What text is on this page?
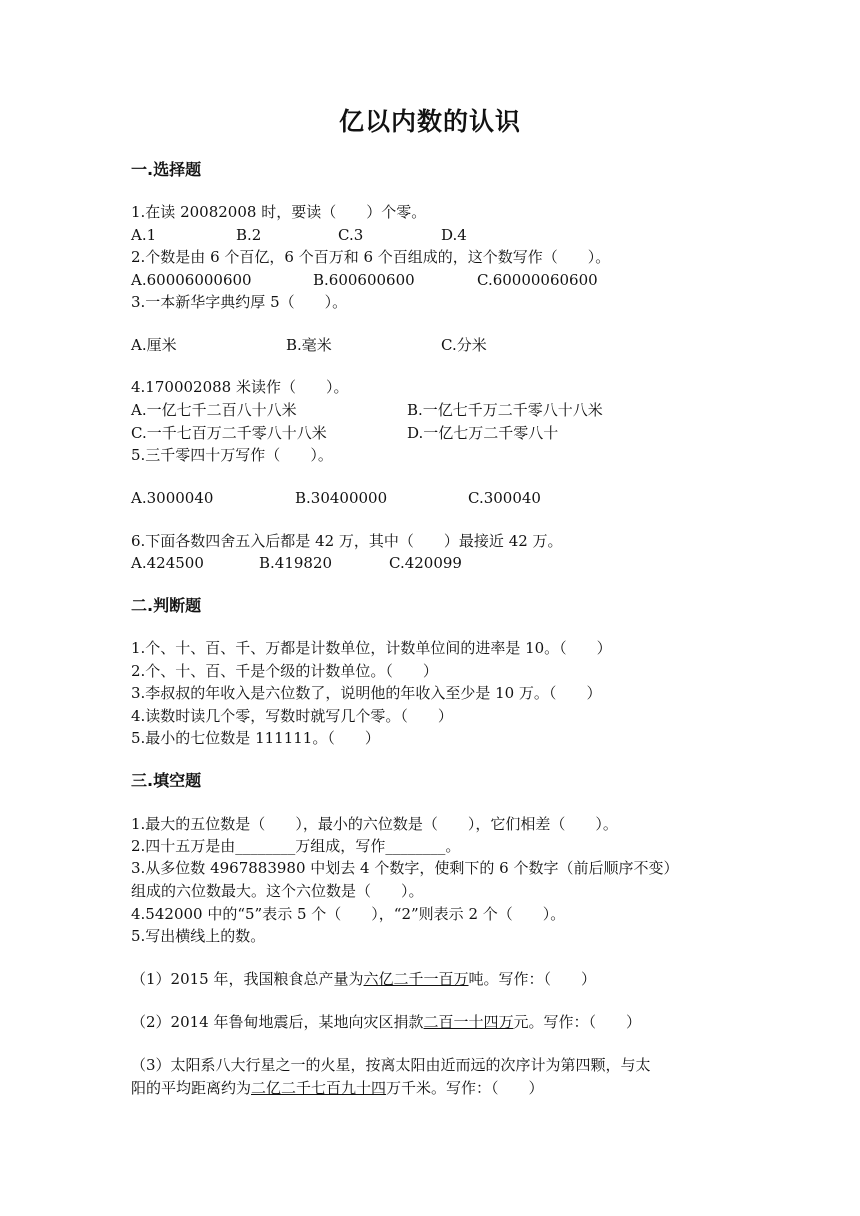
亿以内数的认识
一.选择题
1.在读 20082008 时，要读（　　）个零。
A.1	B.2	C.3	D.4
2.个数是由 6 个百亿，6 个百万和 6 个百组成的，这个数写作（　　）。
A.60006000600	B.600600600	C.60000060600
3.一本新华字典约厚 5（　　）。
A.厘米	B.毫米	C.分米
4.170002088 米读作（　　）。
A.一亿七千二百八十八米	B.一亿七千万二千零八十八米
C.一千七百万二千零八十八米	D.一亿七万二千零八十
5.三千零四十万写作（　　）。
A.3000040	B.30400000	C.300040
6.下面各数四舍五入后都是 42 万，其中（　　）最接近 42 万。
A.424500	B.419820	C.420099
二.判断题
1.个、十、百、千、万都是计数单位，计数单位间的进率是 10。（　　）
2.个、十、百、千是个级的计数单位。（　　）
3.李叔叔的年收入是六位数了，说明他的年收入至少是 10 万。（　　）
4.读数时读几个零，写数时就写几个零。（　　）
5.最小的七位数是 111111。（　　）
三.填空题
1.最大的五位数是（　　），最小的六位数是（　　），它们相差（　　）。
2.四十五万是由________万组成，写作________。
3.从多位数 4967883980 中划去 4 个数字，使剩下的 6 个数字（前后顺序不变）
组成的六位数最大。这个六位数是（　　）。
4.542000 中的“5”表示 5 个（　　），“2”则表示 2 个（　　）。
5.写出横线上的数。
（1）2015 年，我国粮食总产量为六亿二千一百万吨。写作：（　　）
（2）2014 年鲁甸地震后，某地向灾区捐款二百一十四万元。写作：（　　）
（3）太阳系八大行星之一的火星，按离太阳由近而远的次序计为第四颗，与太
阳的平均距离约为二亿二千七百九十四万千米。写作：（　　）
